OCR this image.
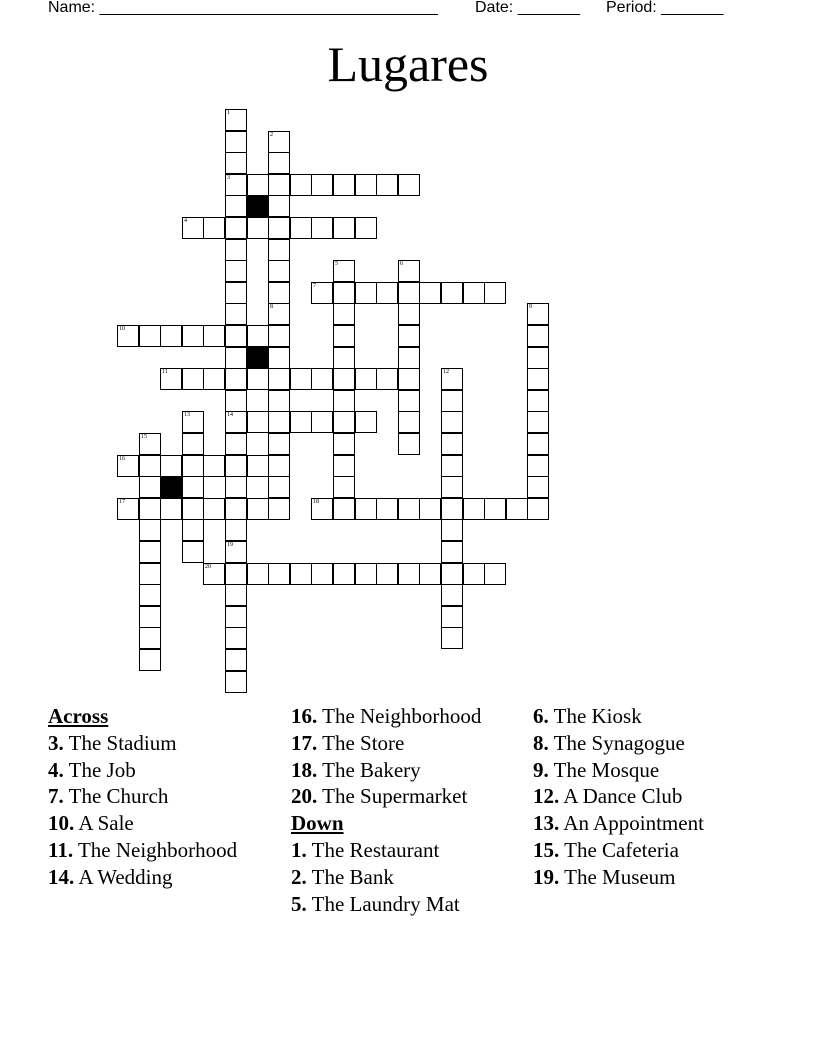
Name: ______________________________________ Date: _______ Period: _______
Lugares
1
3
14
19
2
4
5	6
7
8	9
10
11	12
13
15
16
17	18
20
Across
3. The Stadium
4. The Job
7. The Church
10. A Sale
11. The Neighborhood
14. A Wedding
16. The Neighborhood
17. The Store
18. The Bakery
20. The Supermarket
Down
1. The Restaurant
2. The Bank
5. The Laundry Mat
6. The Kiosk
8. The Synagogue
9. The Mosque
12. A Dance Club
13. An Appointment
15. The Cafeteria
19. The Museum
